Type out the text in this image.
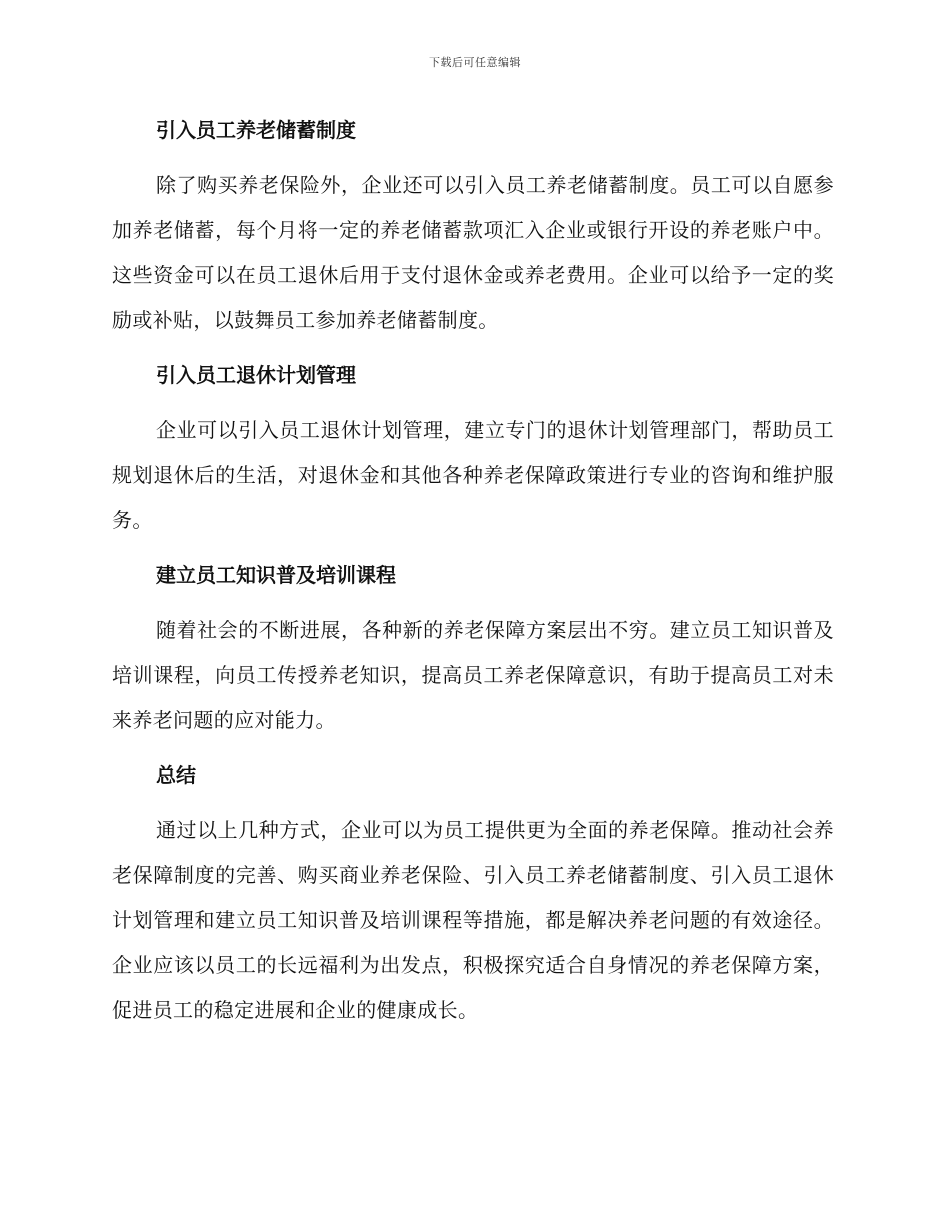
下载后可任意编辑

引入员工养老储蓄制度

除了购买养老保险外，企业还可以引入员工养老储蓄制度。员工可以自愿参加养老储蓄，每个月将一定的养老储蓄款项汇入企业或银行开设的养老账户中。这些资金可以在员工退休后用于支付退休金或养老费用。企业可以给予一定的奖励或补贴，以鼓舞员工参加养老储蓄制度。

引入员工退休计划管理

企业可以引入员工退休计划管理，建立专门的退休计划管理部门，帮助员工规划退休后的生活，对退休金和其他各种养老保障政策进行专业的咨询和维护服务。

建立员工知识普及培训课程

随着社会的不断进展，各种新的养老保障方案层出不穷。建立员工知识普及培训课程，向员工传授养老知识，提高员工养老保障意识，有助于提高员工对未来养老问题的应对能力。

总结

通过以上几种方式，企业可以为员工提供更为全面的养老保障。推动社会养老保障制度的完善、购买商业养老保险、引入员工养老储蓄制度、引入员工退休计划管理和建立员工知识普及培训课程等措施，都是解决养老问题的有效途径。企业应该以员工的长远福利为出发点，积极探究适合自身情况的养老保障方案，促进员工的稳定进展和企业的健康成长。
